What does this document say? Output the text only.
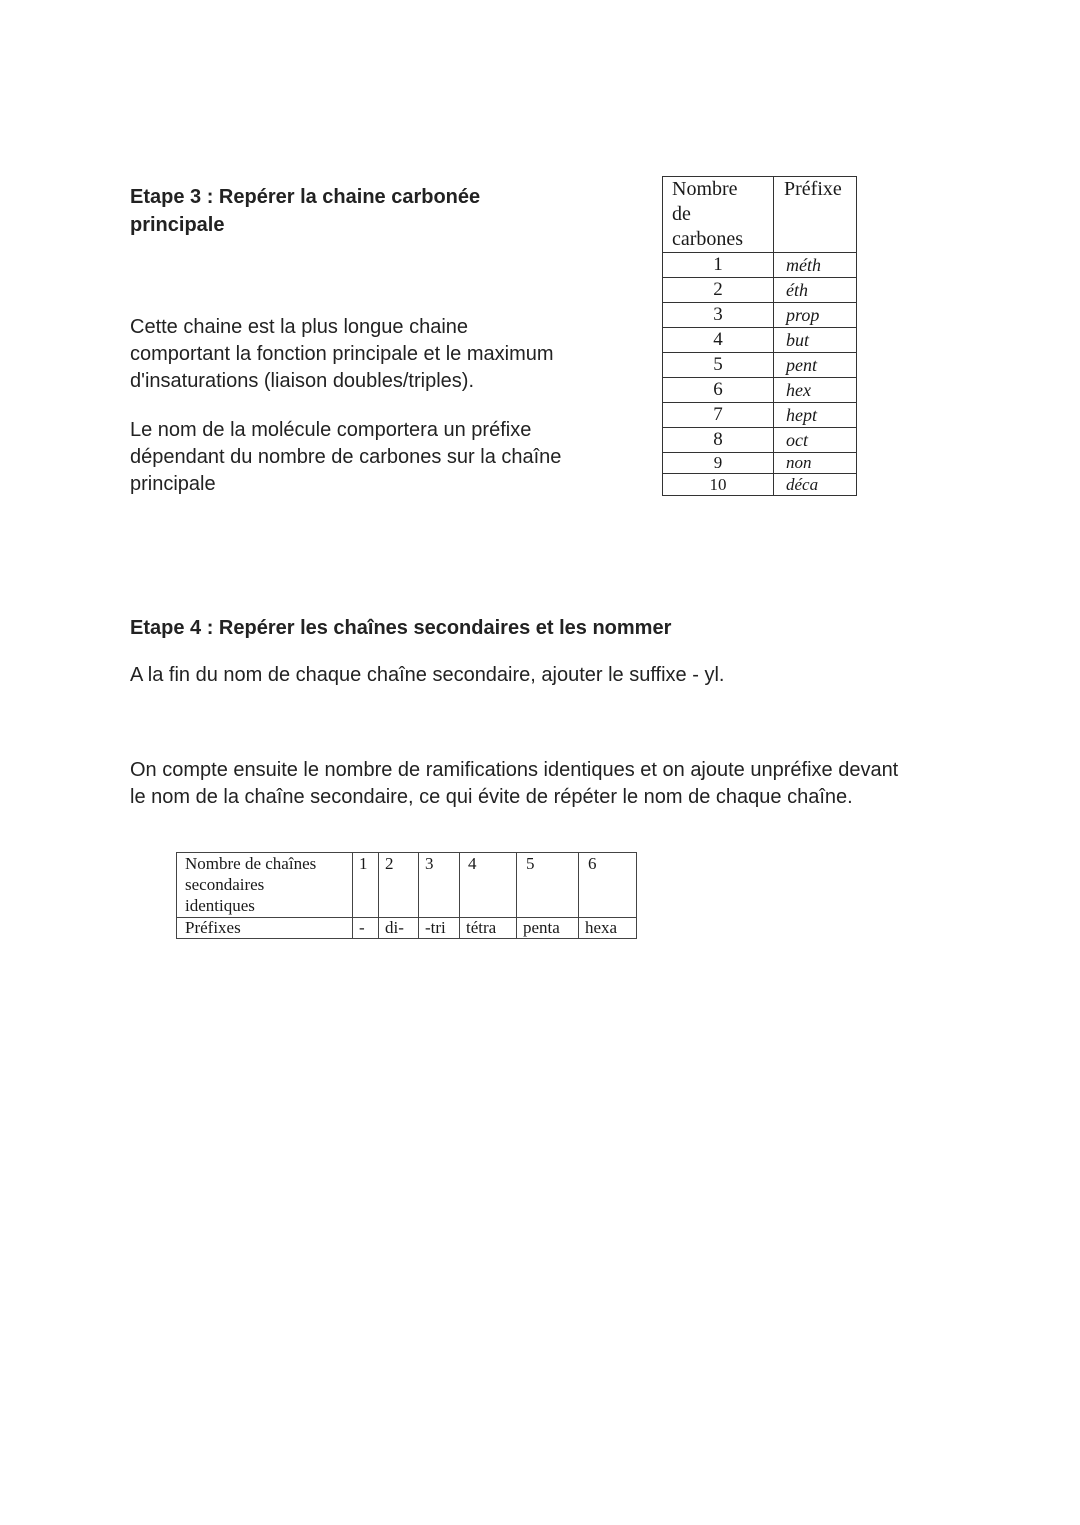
Etape 3 : Repérer la chaine carbonée
principale

Cette chaine est la plus longue chaine
comportant la fonction principale et le maximum
d'insaturations (liaison doubles/triples).

Le nom de la molécule comportera un préfixe
dépendant du nombre de carbones sur la chaîne
principale

Nombre
de
carbones	Préfixe
1	méth
2	éth
3	prop
4	but
5	pent
6	hex
7	hept
8	oct
9	non
10	déca

Etape 4 : Repérer les chaînes secondaires et les nommer

A la fin du nom de chaque chaîne secondaire, ajouter le suffixe - yl.

On compte ensuite le nombre de ramifications identiques et on ajoute unpréfixe devant
le nom de la chaîne secondaire, ce qui évite de répéter le nom de chaque chaîne.

Nombre de chaînes
secondaires
identiques	1	2	3	4	5	6
Préfixes	-	di-	-tri	tétra	penta	hexa
